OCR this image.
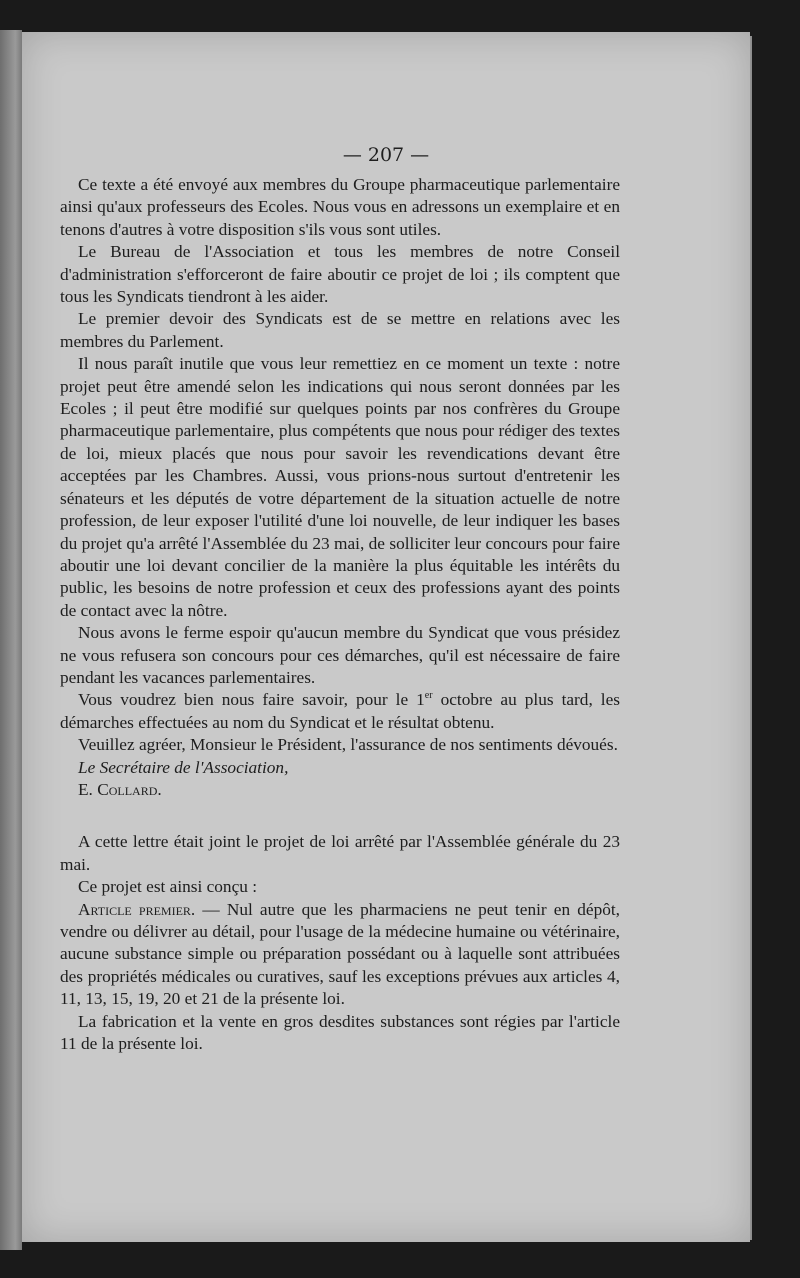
— 207 —

Ce texte a été envoyé aux membres du Groupe pharmaceutique parlementaire ainsi qu'aux professeurs des Ecoles. Nous vous en adressons un exemplaire et en tenons d'autres à votre disposition s'ils vous sont utiles.

Le Bureau de l'Association et tous les membres de notre Conseil d'administration s'efforceront de faire aboutir ce projet de loi ; ils comptent que tous les Syndicats tiendront à les aider.

Le premier devoir des Syndicats est de se mettre en relations avec les membres du Parlement.

Il nous paraît inutile que vous leur remettiez en ce moment un texte : notre projet peut être amendé selon les indications qui nous seront données par les Ecoles ; il peut être modifié sur quelques points par nos confrères du Groupe pharmaceutique parlementaire, plus compétents que nous pour rédiger des textes de loi, mieux placés que nous pour savoir les revendications devant être acceptées par les Chambres. Aussi, vous prions-nous surtout d'entretenir les sénateurs et les députés de votre département de la situation actuelle de notre profession, de leur exposer l'utilité d'une loi nouvelle, de leur indiquer les bases du projet qu'a arrêté l'Assemblée du 23 mai, de solliciter leur concours pour faire aboutir une loi devant concilier de la manière la plus équitable les intérêts du public, les besoins de notre profession et ceux des professions ayant des points de contact avec la nôtre.

Nous avons le ferme espoir qu'aucun membre du Syndicat que vous présidez ne vous refusera son concours pour ces démarches, qu'il est nécessaire de faire pendant les vacances parlementaires.

Vous voudrez bien nous faire savoir, pour le 1er octobre au plus tard, les démarches effectuées au nom du Syndicat et le résultat obtenu.

Veuillez agréer, Monsieur le Président, l'assurance de nos sentiments dévoués.

Le Secrétaire de l'Association,

E. Collard.

A cette lettre était joint le projet de loi arrêté par l'Assemblée générale du 23 mai.

Ce projet est ainsi conçu :

Article premier. — Nul autre que les pharmaciens ne peut tenir en dépôt, vendre ou délivrer au détail, pour l'usage de la médecine humaine ou vétérinaire, aucune substance simple ou préparation possédant ou à laquelle sont attribuées des propriétés médicales ou curatives, sauf les exceptions prévues aux articles 4, 11, 13, 15, 19, 20 et 21 de la présente loi.

La fabrication et la vente en gros desdites substances sont régies par l'article 11 de la présente loi.
